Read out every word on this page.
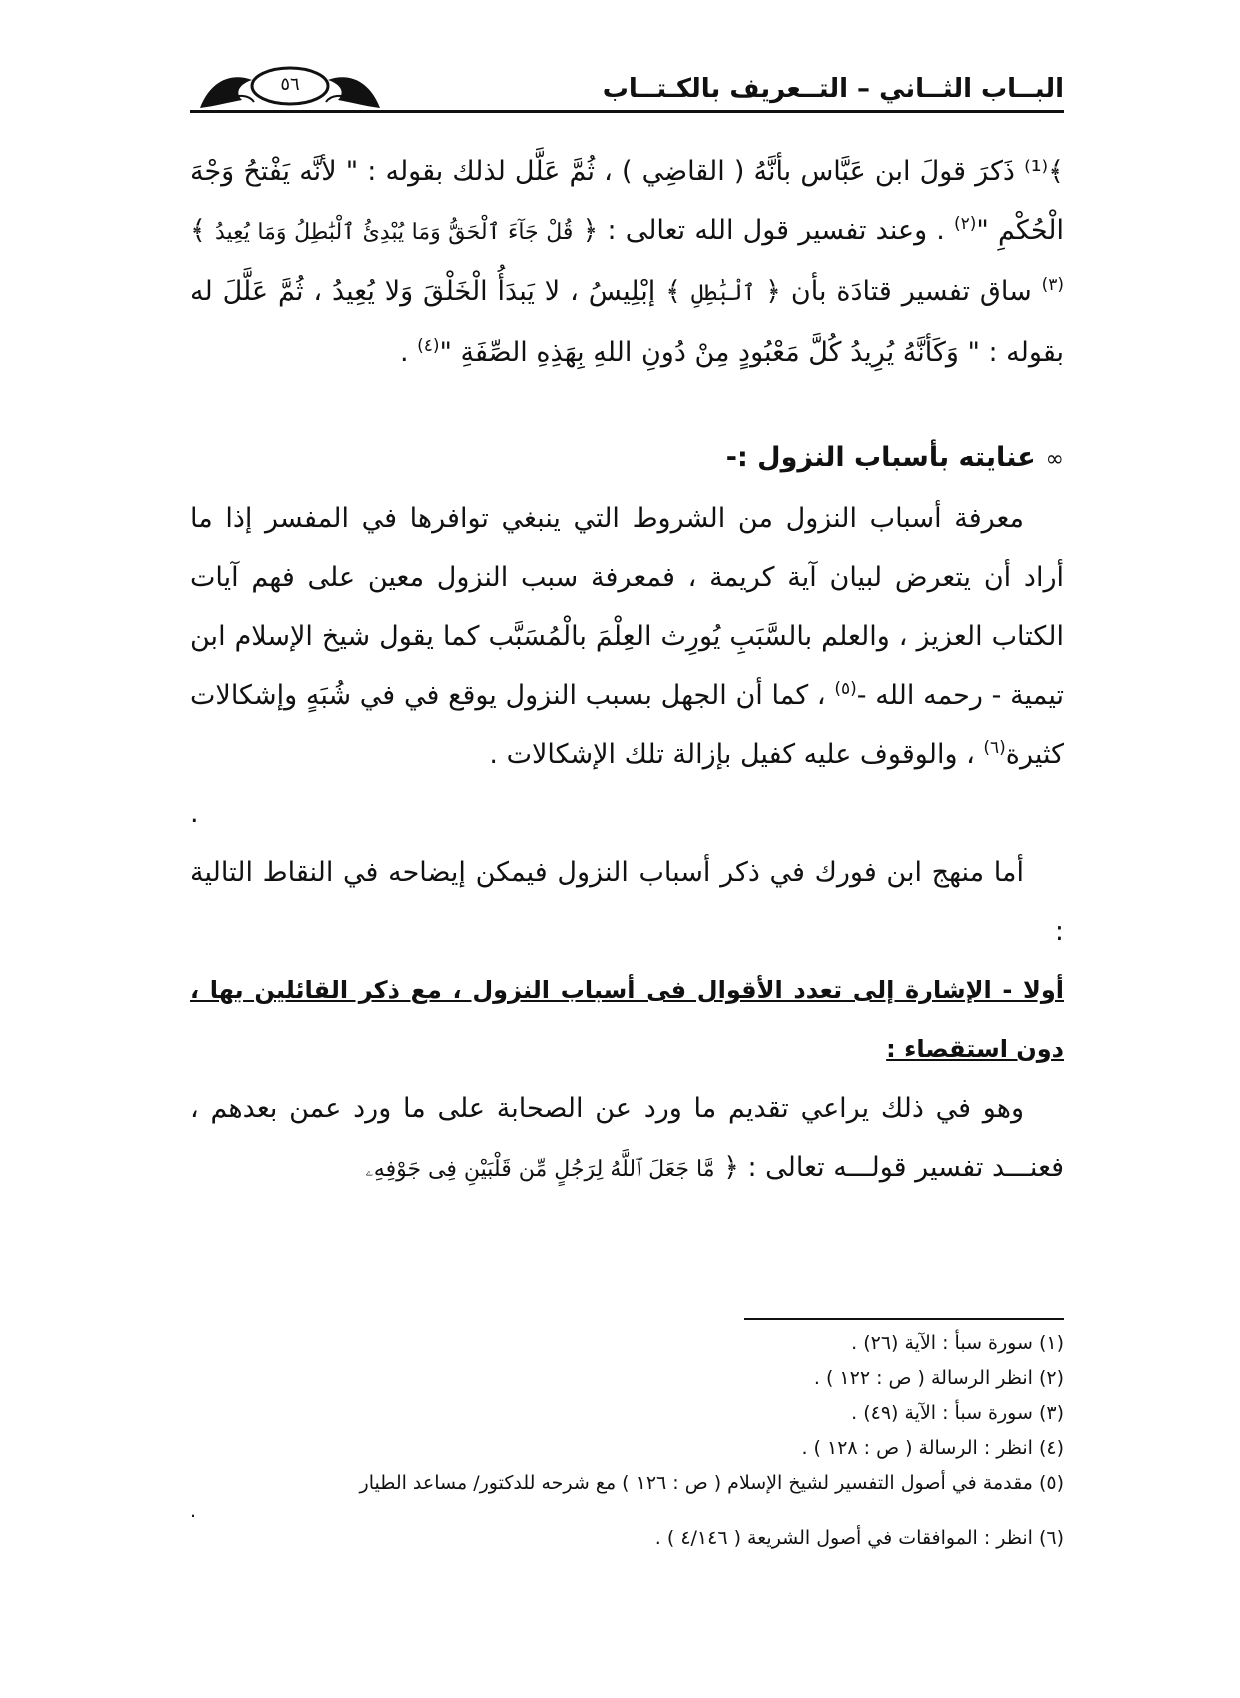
البــاب الثــاني – التــعريف بالكـتــاب
٥٦

﴾⁽¹⁾ ذَكرَ قولَ ابن عَبَّاس بأنَّهُ ( القاضِي ) ، ثُمَّ عَلَّل لذلك بقوله : " لأنَّه يَفْتحُ وَجْهَ الْحُكْمِ "$^{(٢)}$ . وعند تفسير قول الله تعالى : ﴿ قُلْ جَآءَ ٱلْحَقُّ وَمَا يُبْدِئُ ٱلْبَٰطِلُ وَمَا يُعِيدُ ﴾ $^{(٣)}$ ساق تفسير قتادَة بأن ﴿ ٱلْبَٰطِلِ ﴾ إبْلِيسُ ، لا يَبدَأُ الْخَلْقَ وَلا يُعِيدُ ، ثُمَّ عَلَّلَ له بقوله : " وَكَأنَّهُ يُرِيدُ كُلَّ مَعْبُودٍ مِنْ دُونِ اللهِ بِهَذِهِ الصِّفَةِ "$^{(٤)}$ .

∞عنايته بأسباب النزول :-

معرفة أسباب النزول من الشروط التي ينبغي توافرها في المفسر إذا ما أراد أن يتعرض لبيان آية كريمة ، فمعرفة سبب النزول معين على فهم آيات الكتاب العزيز ، والعلم بالسَّبَبِ يُورِث العِلْمَ بالْمُسَبَّب كما يقول شيخ الإسلام ابن تيمية - رحمه الله -$^{(٥)}$ ، كما أن الجهل بسبب النزول يوقع في في شُبَهٍ وإشكالات كثيرة$^{(٦)}$ ، والوقوف عليه كفيل بإزالة تلك الإشكالات .

.

أما منهج ابن فورك في ذكر أسباب النزول فيمكن إيضاحه في النقاط التالية :

أولا - الإشارة إلى تعدد الأقوال فى أسباب النزول ، مع ذكر القائلين بها ، دون استقصاء :

وهو في ذلك يراعي تقديم ما ورد عن الصحابة على ما ورد عمن بعدهم ، فعنـــد تفسير قولـــه تعالى : ﴿ مَّا جَعَلَ ٱللَّهُ لِرَجُلٍ مِّن قَلْبَيْنِ فِى جَوْفِهِۦ

(١) سورة سبأ : الآية (٢٦) .
(٢) انظر الرسالة ( ص : ١٢٢ ) .
(٣) سورة سبأ : الآية (٤٩) .
(٤) انظر : الرسالة ( ص : ١٢٨ ) .
(٥) مقدمة في أصول التفسير لشيخ الإسلام ( ص : ١٢٦ ) مع شرحه للدكتور/ مساعد الطيار
.
(٦) انظر : الموافقات في أصول الشريعة ( ٤/١٤٦ ) .
